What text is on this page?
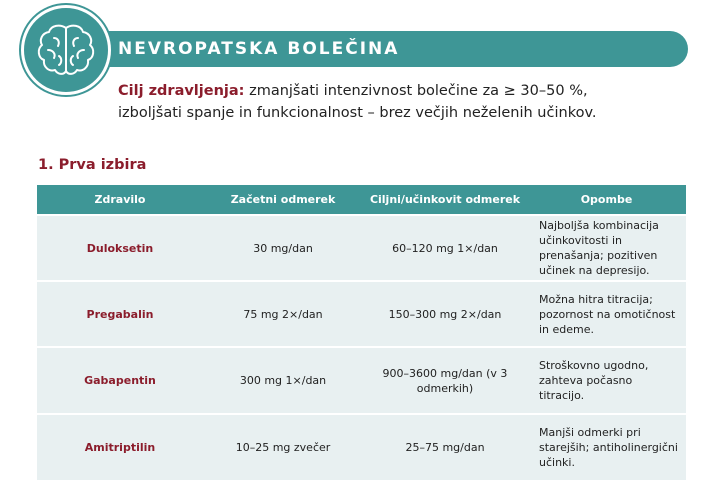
NEVROPATSKA BOLEČINA
Cilj zdravljenja: zmanjšati intenzivnost bolečine za ≥ 30–50 %,
izboljšati spanje in funkcionalnost – brez večjih neželenih učinkov.
1. Prva izbira
Zdravilo	Začetni odmerek	Ciljni/učinkovit odmerek	Opombe
Duloksetin	30 mg/dan	60–120 mg 1×/dan	Najboljša kombinacija učinkovitosti in prenašanja; pozitiven učinek na depresijo.
Pregabalin	75 mg 2×/dan	150–300 mg 2×/dan	Možna hitra titracija; pozornost na omotičnost in edeme.
Gabapentin	300 mg 1×/dan	900–3600 mg/dan (v 3 odmerkih)	Stroškovno ugodno, zahteva počasno titracijo.
Amitriptilin	10–25 mg zvečer	25–75 mg/dan	Manjši odmerki pri starejših; antiholinergični učinki.
